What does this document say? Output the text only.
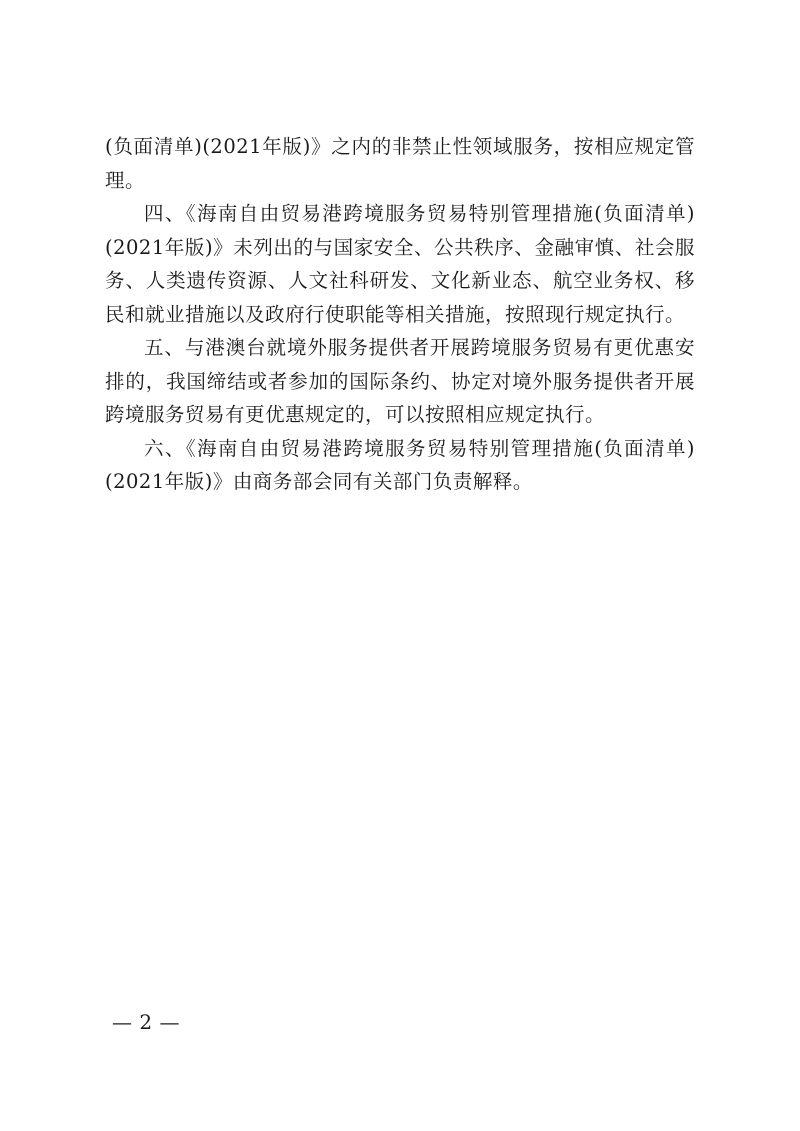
(负面清单)(2021年版)》之内的非禁止性领域服务，按相应规定管理。

四、《海南自由贸易港跨境服务贸易特别管理措施(负面清单)(2021年版)》未列出的与国家安全、公共秩序、金融审慎、社会服务、人类遗传资源、人文社科研发、文化新业态、航空业务权、移民和就业措施以及政府行使职能等相关措施，按照现行规定执行。

五、与港澳台就境外服务提供者开展跨境服务贸易有更优惠安排的，我国缔结或者参加的国际条约、协定对境外服务提供者开展跨境服务贸易有更优惠规定的，可以按照相应规定执行。

六、《海南自由贸易港跨境服务贸易特别管理措施(负面清单)(2021年版)》由商务部会同有关部门负责解释。

— 2 —
